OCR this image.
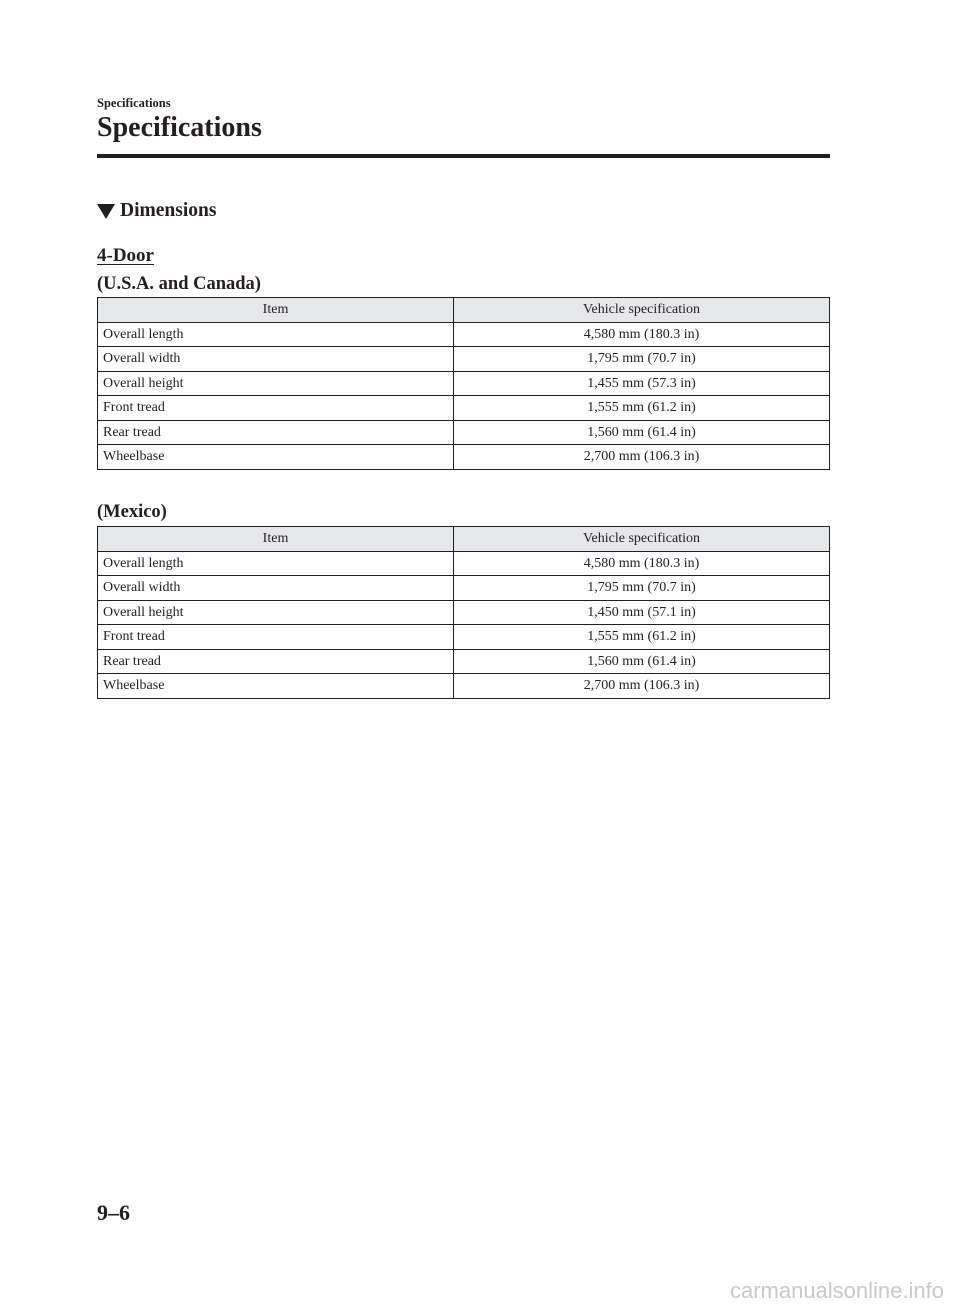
Specifications

Specifications
Dimensions
4-Door
(U.S.A. and Canada)
Item	Vehicle specification
Overall length	4,580 mm (180.3 in)
Overall width	1,795 mm (70.7 in)
Overall height	1,455 mm (57.3 in)
Front tread	1,555 mm (61.2 in)
Rear tread	1,560 mm (61.4 in)
Wheelbase	2,700 mm (106.3 in)
(Mexico)
Item	Vehicle specification
Overall length	4,580 mm (180.3 in)
Overall width	1,795 mm (70.7 in)
Overall height	1,450 mm (57.1 in)
Front tread	1,555 mm (61.2 in)
Rear tread	1,560 mm (61.4 in)
Wheelbase	2,700 mm (106.3 in)

9–6

carmanualsonline.info
